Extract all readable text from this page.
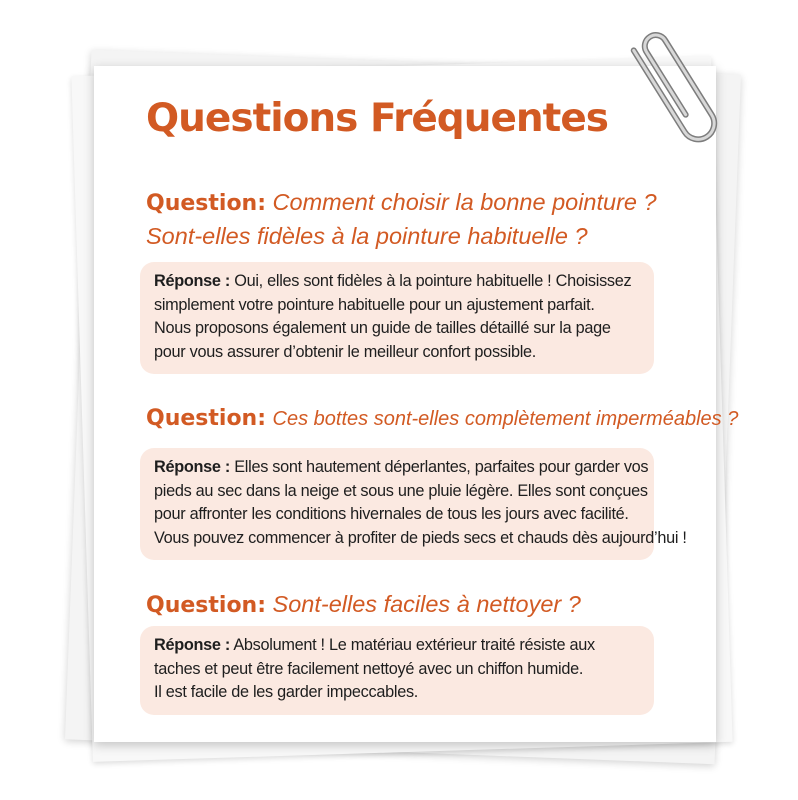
Questions Fréquentes
Question: Comment choisir la bonne pointure ?
Sont-elles fidèles à la pointure habituelle ?
Réponse : Oui, elles sont fidèles à la pointure habituelle ! Choisissez
simplement votre pointure habituelle pour un ajustement parfait.
Nous proposons également un guide de tailles détaillé sur la page
pour vous assurer d’obtenir le meilleur confort possible.
Question: Ces bottes sont-elles complètement imperméables ?
Réponse : Elles sont hautement déperlantes, parfaites pour garder vos
pieds au sec dans la neige et sous une pluie légère. Elles sont conçues
pour affronter les conditions hivernales de tous les jours avec facilité.
Vous pouvez commencer à profiter de pieds secs et chauds dès aujourd’hui !
Question: Sont-elles faciles à nettoyer ?
Réponse : Absolument ! Le matériau extérieur traité résiste aux
taches et peut être facilement nettoyé avec un chiffon humide.
Il est facile de les garder impeccables.
